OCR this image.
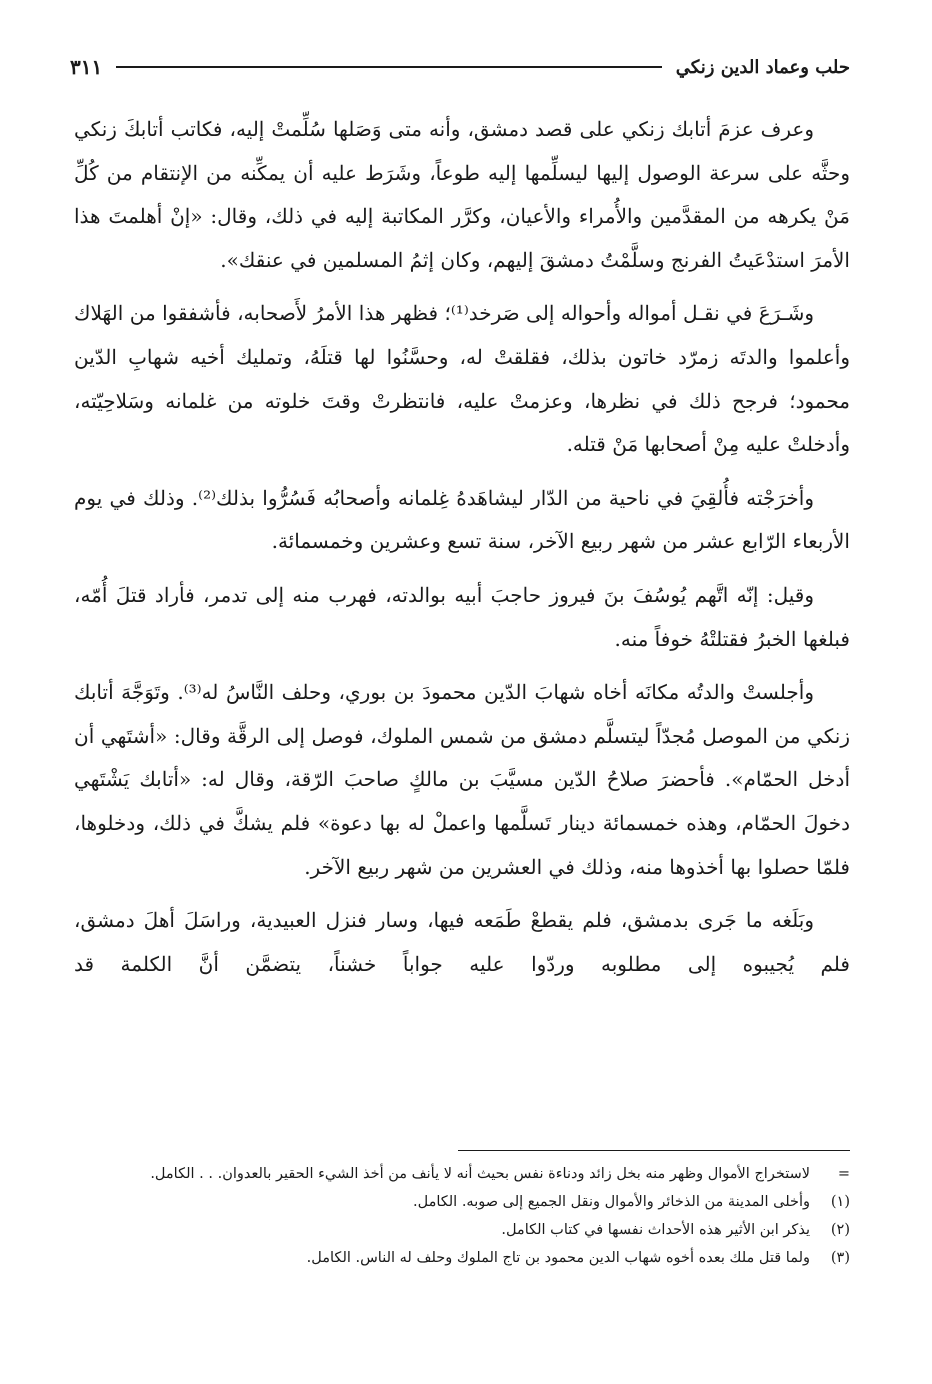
حلب وعماد الدين زنكي
٣١١

وعرف عزمَ أتابك زنكي على قصد دمشق، وأنه متى وَصَلها سُلِّمتْ إليه، فكاتب أتابكَ زنكي وحثَّه على سرعة الوصول إليها ليسلِّمها إليه طوعاً، وشَرَط عليه أن يمكِّنه من الإنتقام من كُلِّ مَنْ يكرهه من المقدَّمين والأُمراء والأعيان، وكرَّر المكاتبة إليه في ذلك، وقال: «إنْ أهلمتَ هذا الأمرَ استدْعَيتُ الفرنج وسلَّمْتُ دمشقَ إليهم، وكان إثمُ المسلمين في عنقك».

وشَـرَعَ في نقـل أمواله وأحواله إلى صَرخد⁽¹⁾؛ فظهر هذا الأمرُ لأَصحابه، فأشفقوا من الهَلاك وأعلموا والدتَه زمرّد خاتون بذلك، فقلقتْ له، وحسَّنُوا لها قتلَهُ، وتمليك أخيه شهابِ الدّين محمود؛ فرجح ذلك في نظرها، وعزمتْ عليه، فانتظرتْ وقتَ خلوته من غلمانه وسَلاحِيّته، وأدخلتْ عليه مِنْ أصحابها مَنْ قتله.

وأخرَجْته فأُلقِيَ في ناحية من الدّار ليشاهَدهُ غِلمانه وأصحابُه فَسُرُّوا بذلك⁽²⁾. وذلك في يوم الأربعاء الرّابع عشر من شهر ربيع الآخر، سنة تسع وعشرين وخمسمائة.

وقيل: إنّه اتَّهم يُوسُفَ بنَ فيروز حاجبَ أبيه بوالدته، فهرب منه إلى تدمر، فأراد قتلَ أُمّه، فبلغها الخبرُ فقتلتْهُ خوفاً منه.

وأجلستْ والدتُه مكانَه أخاه شهابَ الدّين محمودَ بن بوري، وحلف النَّاسُ له⁽³⁾. وتَوَجَّهَ أتابك زنكي من الموصل مُجدّاً ليتسلَّم دمشق من شمس الملوك، فوصل إلى الرقَّة وقال: «أشتَهي أن أدخل الحمّام». فأحضرَ صلاحُ الدّين مسيَّبَ بن مالكٍ صاحبَ الرّقة، وقال له: «أتابك يَشْتَهي دخولَ الحمّام، وهذه خمسمائة دينار تَسلَّمها واعملْ له بها دعوة» فلم يشكَّ في ذلك، ودخلوها، فلمّا حصلوا بها أخذوها منه، وذلك في العشرين من شهر ربيع الآخر.

وبَلَغه ما جَرى بدمشق، فلم يقطعْ طَمَعه فيها، وسار فنزل العبيدية، وراسَلَ أهلَ دمشق، فلم يُجيبوه إلى مطلوبه وردّوا عليه جواباً خشناً، يتضمَّن أنَّ الكلمة قد

=
لاستخراج الأموال وظهر منه بخل زائد ودناءة نفس بحيث أنه لا يأنف من أخذ الشيء الحقير بالعدوان. . . الكامل.

(١)
وأخلى المدينة من الذخائر والأموال ونقل الجميع إلى صوبه. الكامل.

(٢)
يذكر ابن الأثير هذه الأحداث نفسها في كتاب الكامل.

(٣)
ولما قتل ملك بعده أخوه شهاب الدين محمود بن تاج الملوك وحلف له الناس. الكامل.
